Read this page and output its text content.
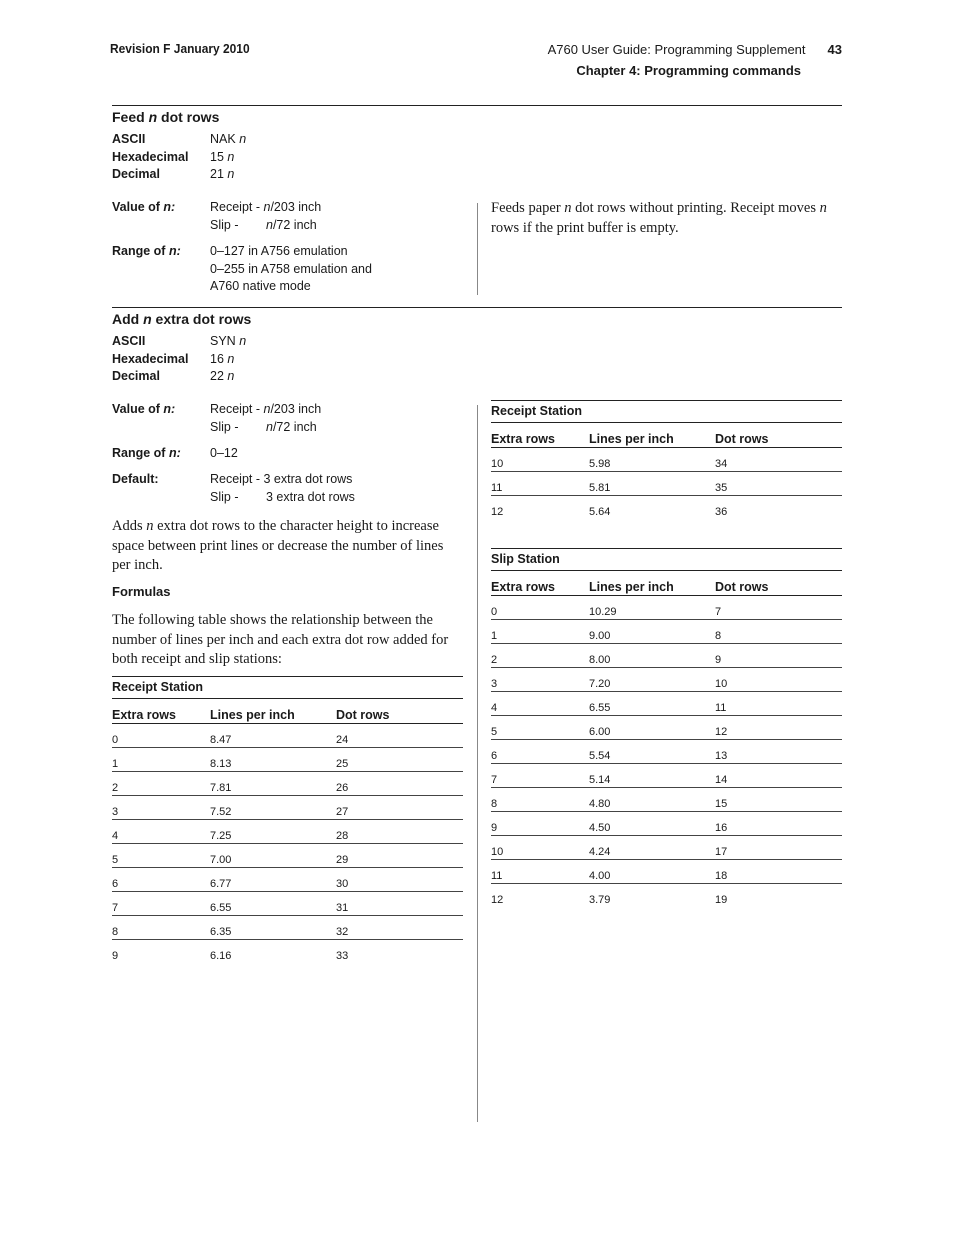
Revision F January 2010	A760 User Guide: Programming Supplement 43
Chapter 4: Programming commands
Feed n dot rows
ASCII	NAK n
Hexadecimal	15 n
Decimal	21 n
Value of n:	Receipt - n/203 inch
Slip -n/72 inch
Range of n:	0–127 in A756 emulation
0–255 in A758 emulation and
A760 native mode
Feeds paper n dot rows without printing. Receipt moves n rows if the print buffer is empty.
Add n extra dot rows
ASCII	SYN n
Hexadecimal	16 n
Decimal	22 n
Value of n:	Receipt - n/203 inch
Slip -n/72 inch
Range of n:	0–12
Default:	Receipt - 3 extra dot rows
Slip -3 extra dot rows
Adds n extra dot rows to the character height to increase space between print lines or decrease the number of lines per inch.
Formulas
The following table shows the relationship between the number of lines per inch and each extra dot row added for both receipt and slip stations:
Receipt Station
Extra rows	Lines per inch	Dot rows
0	8.47	24
1	8.13	25
2	7.81	26
3	7.52	27
4	7.25	28
5	7.00	29
6	6.77	30
7	6.55	31
8	6.35	32
9	6.16	33
Receipt Station
Extra rows	Lines per inch	Dot rows
10	5.98	34
11	5.81	35
12	5.64	36
Slip Station
Extra rows	Lines per inch	Dot rows
0	10.29	7
1	9.00	8
2	8.00	9
3	7.20	10
4	6.55	11
5	6.00	12
6	5.54	13
7	5.14	14
8	4.80	15
9	4.50	16
10	4.24	17
11	4.00	18
12	3.79	19
